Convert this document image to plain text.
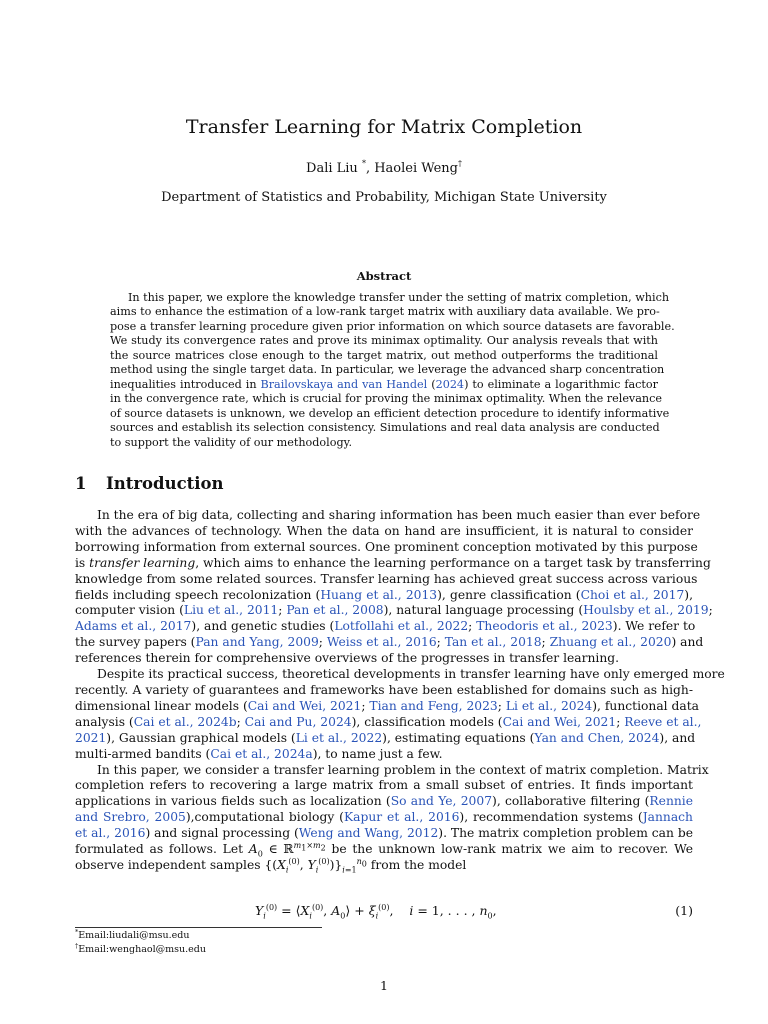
Transfer Learning for Matrix Completion
Dali Liu *, Haolei Weng†
Department of Statistics and Probability, Michigan State University
Abstract
In this paper, we explore the knowledge transfer under the setting of matrix completion, which
aims to enhance the estimation of a low-rank target matrix with auxiliary data available. We pro-
pose a transfer learning procedure given prior information on which source datasets are favorable.
We study its convergence rates and prove its minimax optimality. Our analysis reveals that with
the source matrices close enough to the target matrix, out method outperforms the traditional
method using the single target data. In particular, we leverage the advanced sharp concentration
inequalities introduced in Brailovskaya and van Handel (2024) to eliminate a logarithmic factor
in the convergence rate, which is crucial for proving the minimax optimality. When the relevance
of source datasets is unknown, we develop an efficient detection procedure to identify informative
sources and establish its selection consistency. Simulations and real data analysis are conducted
to support the validity of our methodology.
1 Introduction
In the era of big data, collecting and sharing information has been much easier than ever before
with the advances of technology. When the data on hand are insufficient, it is natural to consider
borrowing information from external sources. One prominent conception motivated by this purpose
is transfer learning, which aims to enhance the learning performance on a target task by transferring
knowledge from some related sources. Transfer learning has achieved great success across various
fields including speech recolonization (Huang et al., 2013), genre classification (Choi et al., 2017),
computer vision (Liu et al., 2011; Pan et al., 2008), natural language processing (Houlsby et al., 2019;
Adams et al., 2017), and genetic studies (Lotfollahi et al., 2022; Theodoris et al., 2023). We refer to
the survey papers (Pan and Yang, 2009; Weiss et al., 2016; Tan et al., 2018; Zhuang et al., 2020) and
references therein for comprehensive overviews of the progresses in transfer learning.
Despite its practical success, theoretical developments in transfer learning have only emerged more
recently. A variety of guarantees and frameworks have been established for domains such as high-
dimensional linear models (Cai and Wei, 2021; Tian and Feng, 2023; Li et al., 2024), functional data
analysis (Cai et al., 2024b; Cai and Pu, 2024), classification models (Cai and Wei, 2021; Reeve et al.,
2021), Gaussian graphical models (Li et al., 2022), estimating equations (Yan and Chen, 2024), and
multi-armed bandits (Cai et al., 2024a), to name just a few.
In this paper, we consider a transfer learning problem in the context of matrix completion. Matrix
completion refers to recovering a large matrix from a small subset of entries. It finds important
applications in various fields such as localization (So and Ye, 2007), collaborative filtering (Rennie
and Srebro, 2005),computational biology (Kapur et al., 2016), recommendation systems (Jannach
et al., 2016) and signal processing (Weng and Wang, 2012). The matrix completion problem can be
formulated as follows. Let $A_0$ ∈ ℝ$^{m_1\times m_2}$ be the unknown low-rank matrix we aim to recover. We
observe independent samples {($X_i^{(0)}$, $Y_i^{(0)})\}_{i=1}^{n_0}$ from the model
$Y_i^{(0)}$ = $⟨X_i^{(0)}$, $A_0⟩ + \xi_i^{(0)}$,    i = 1, . . . , $n_0$,	(1)
*Email:liudali@msu.edu
†Email:wenghaol@msu.edu
1
